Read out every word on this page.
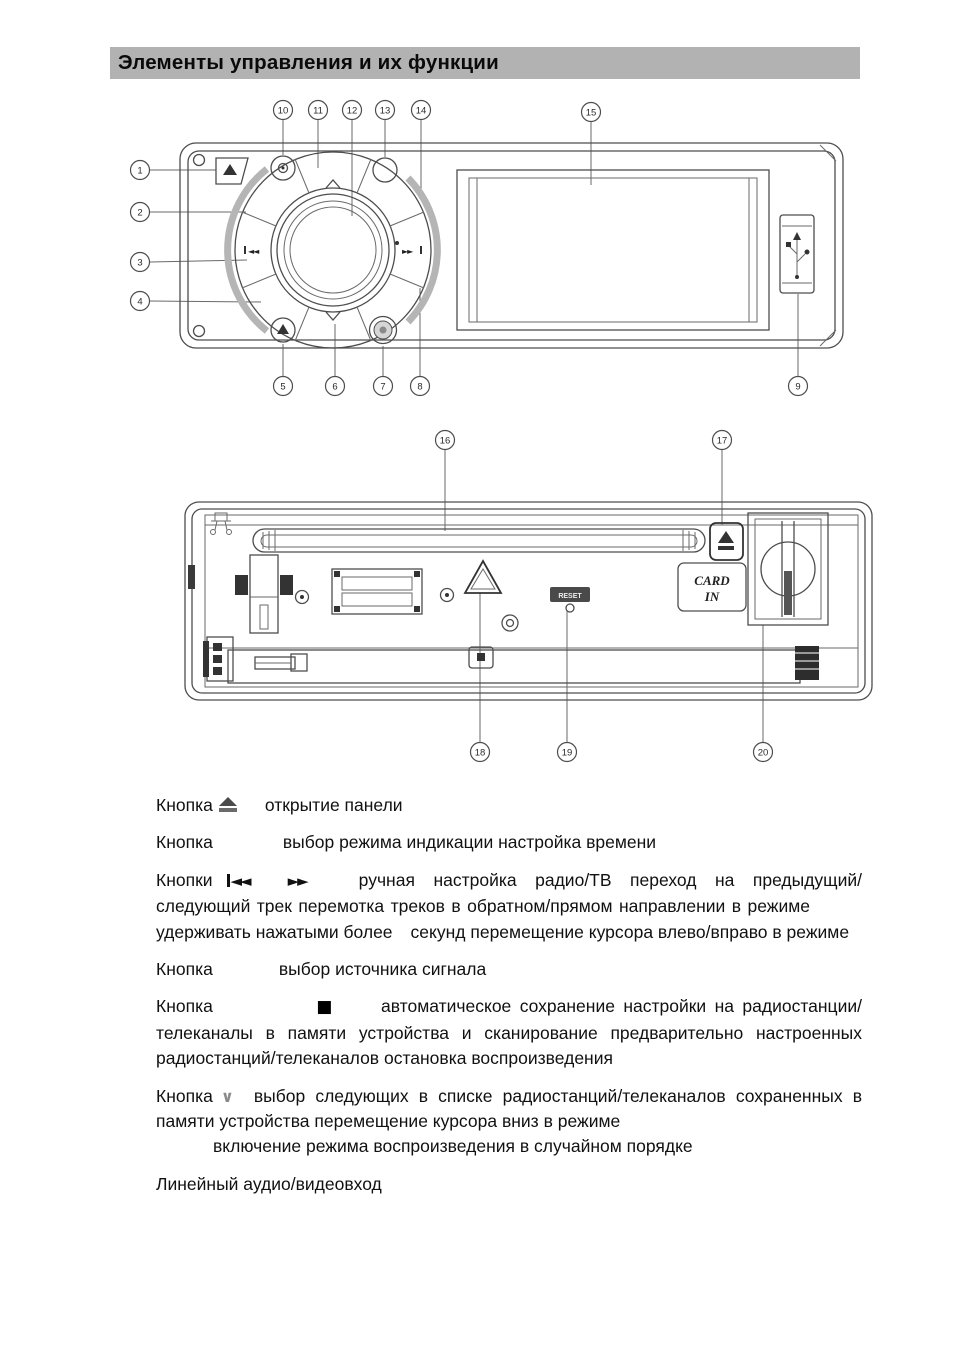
Элементы управления и их функции
◄◄	►►
1
2
3
4
5	6	7	8	9
10	11	12 13	14	15
CARD
IN
RESET
16	17
18	19	20

Кнопка	открытие панели

Кнопка	выбор режима индикации настройка времени

Кнопки ◄◄	►►	ручная настройка радио/ТВ переход на предыдущий/следующий трек перемотка треков в обратном/прямом направлении в режимеудерживать нажатыми более секунд перемещение курсора влево/вправо в режиме

Кнопка	выбор источника сигнала

Кнопка	■	автоматическое сохранение настройки на радиостанции/телеканалы в памяти устройства и сканирование предварительно настроенных радиостанций/телеканалов остановка воспроизведения

Кнопка ∨ выбор следующих в списке радиостанций/телеканалов сохраненных в памяти устройства перемещение курсора вниз в режиме
включение режима воспроизведения в случайном порядке

Линейный аудио/видеовход
